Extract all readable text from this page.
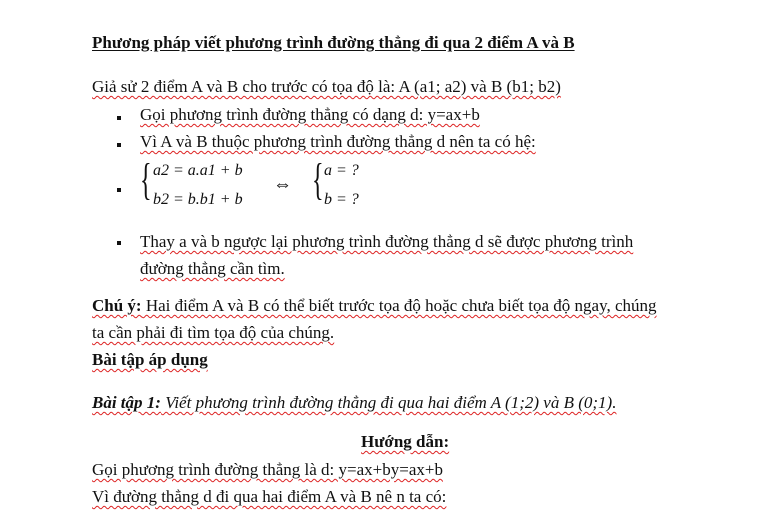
Phương pháp viết phương trình đường thẳng đi qua 2 điểm A và B
Giả sử 2 điểm A và B cho trước có tọa độ là: A (a1; a2) và B (b1; b2)
Gọi phương trình đường thẳng có dạng d: y=ax+b
Vì A và B thuộc phương trình đường thẳng d nên ta có hệ:
{ a2 = a.a1 + b
b2 = b.b1 + b
⇔ { a = ?
b = ?
Thay a và b ngược lại phương trình đường thẳng d sẽ được phương trình
đường thẳng cần tìm.
Chú ý: Hai điểm A và B có thể biết trước tọa độ hoặc chưa biết tọa độ ngay, chúng
ta cần phải đi tìm tọa độ của chúng.
Bài tập áp dụng
Bài tập 1: Viết phương trình đường thẳng đi qua hai điểm A (1;2) và B (0;1).
Hướng dẫn:
Gọi phương trình đường thẳng là d: y=ax+by=ax+b
Vì đường thẳng d đi qua hai điểm A và B nê n ta có:
